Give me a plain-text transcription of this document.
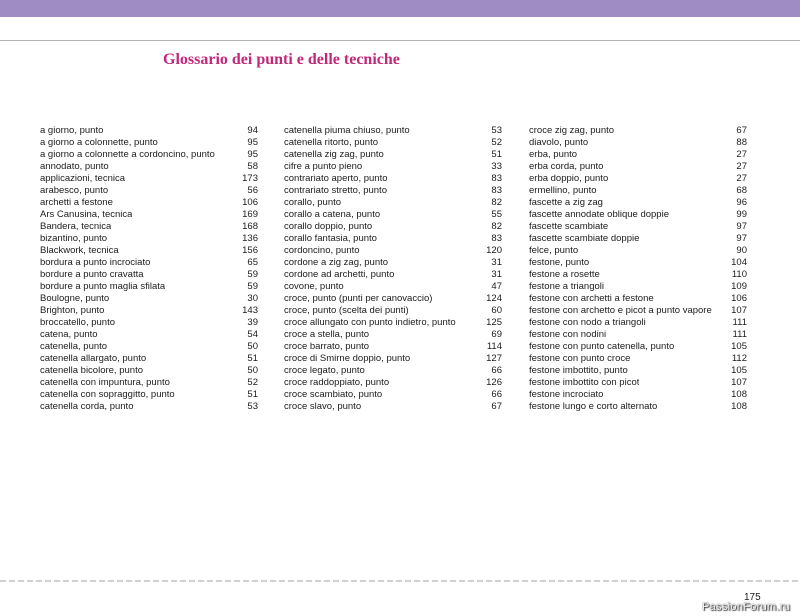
Glossario dei punti e delle tecniche
a giorno, punto	94
a giorno a colonnette, punto	95
a giorno a colonnette a cordoncino, punto	95
annodato, punto	58
applicazioni, tecnica	173
arabesco, punto	56
archetti a festone	106
Ars Canusina, tecnica	169
Bandera, tecnica	168
bizantino, punto	136
Blackwork, tecnica	156
bordura a punto incrociato	65
bordure a punto cravatta	59
bordure a punto maglia sfilata	59
Boulogne, punto	30
Brighton, punto	143
broccatello, punto	39
catena, punto	54
catenella, punto	50
catenella allargato, punto	51
catenella bicolore, punto	50
catenella con impuntura, punto	52
catenella con sopraggitto, punto	51
catenella corda, punto	53
catenella piuma chiuso, punto	53
catenella ritorto, punto	52
catenella zig zag, punto	51
cifre a punto pieno	33
contrariato aperto, punto	83
contrariato stretto, punto	83
corallo, punto	82
corallo a catena, punto	55
corallo doppio, punto	82
corallo fantasia, punto	83
cordoncino, punto	120
cordone a zig zag, punto	31
cordone ad archetti, punto	31
covone, punto	47
croce, punto (punti per canovaccio)	124
croce, punto (scelta dei punti)	60
croce allungato con punto indietro, punto	125
croce a stella, punto	69
croce barrato, punto	114
croce di Smirne doppio, punto	127
croce legato, punto	66
croce raddoppiato, punto	126
croce scambiato, punto	66
croce slavo, punto	67
croce zig zag, punto	67
diavolo, punto	88
erba, punto	27
erba corda, punto	27
erba doppio, punto	27
ermellino, punto	68
fascette a zig zag	96
fascette annodate oblique doppie	99
fascette scambiate	97
fascette scambiate doppie	97
felce, punto	90
festone, punto	104
festone a rosette	110
festone a triangoli	109
festone con archetti a festone	106
festone con archetto e picot a punto vapore	107
festone con nodo a triangoli	111
festone con nodini	111
festone con punto catenella, punto	105
festone con punto croce	112
festone imbottito, punto	105
festone imbottito con picot	107
festone incrociato	108
festone lungo e corto alternato	108
175
PassionForum.ru
